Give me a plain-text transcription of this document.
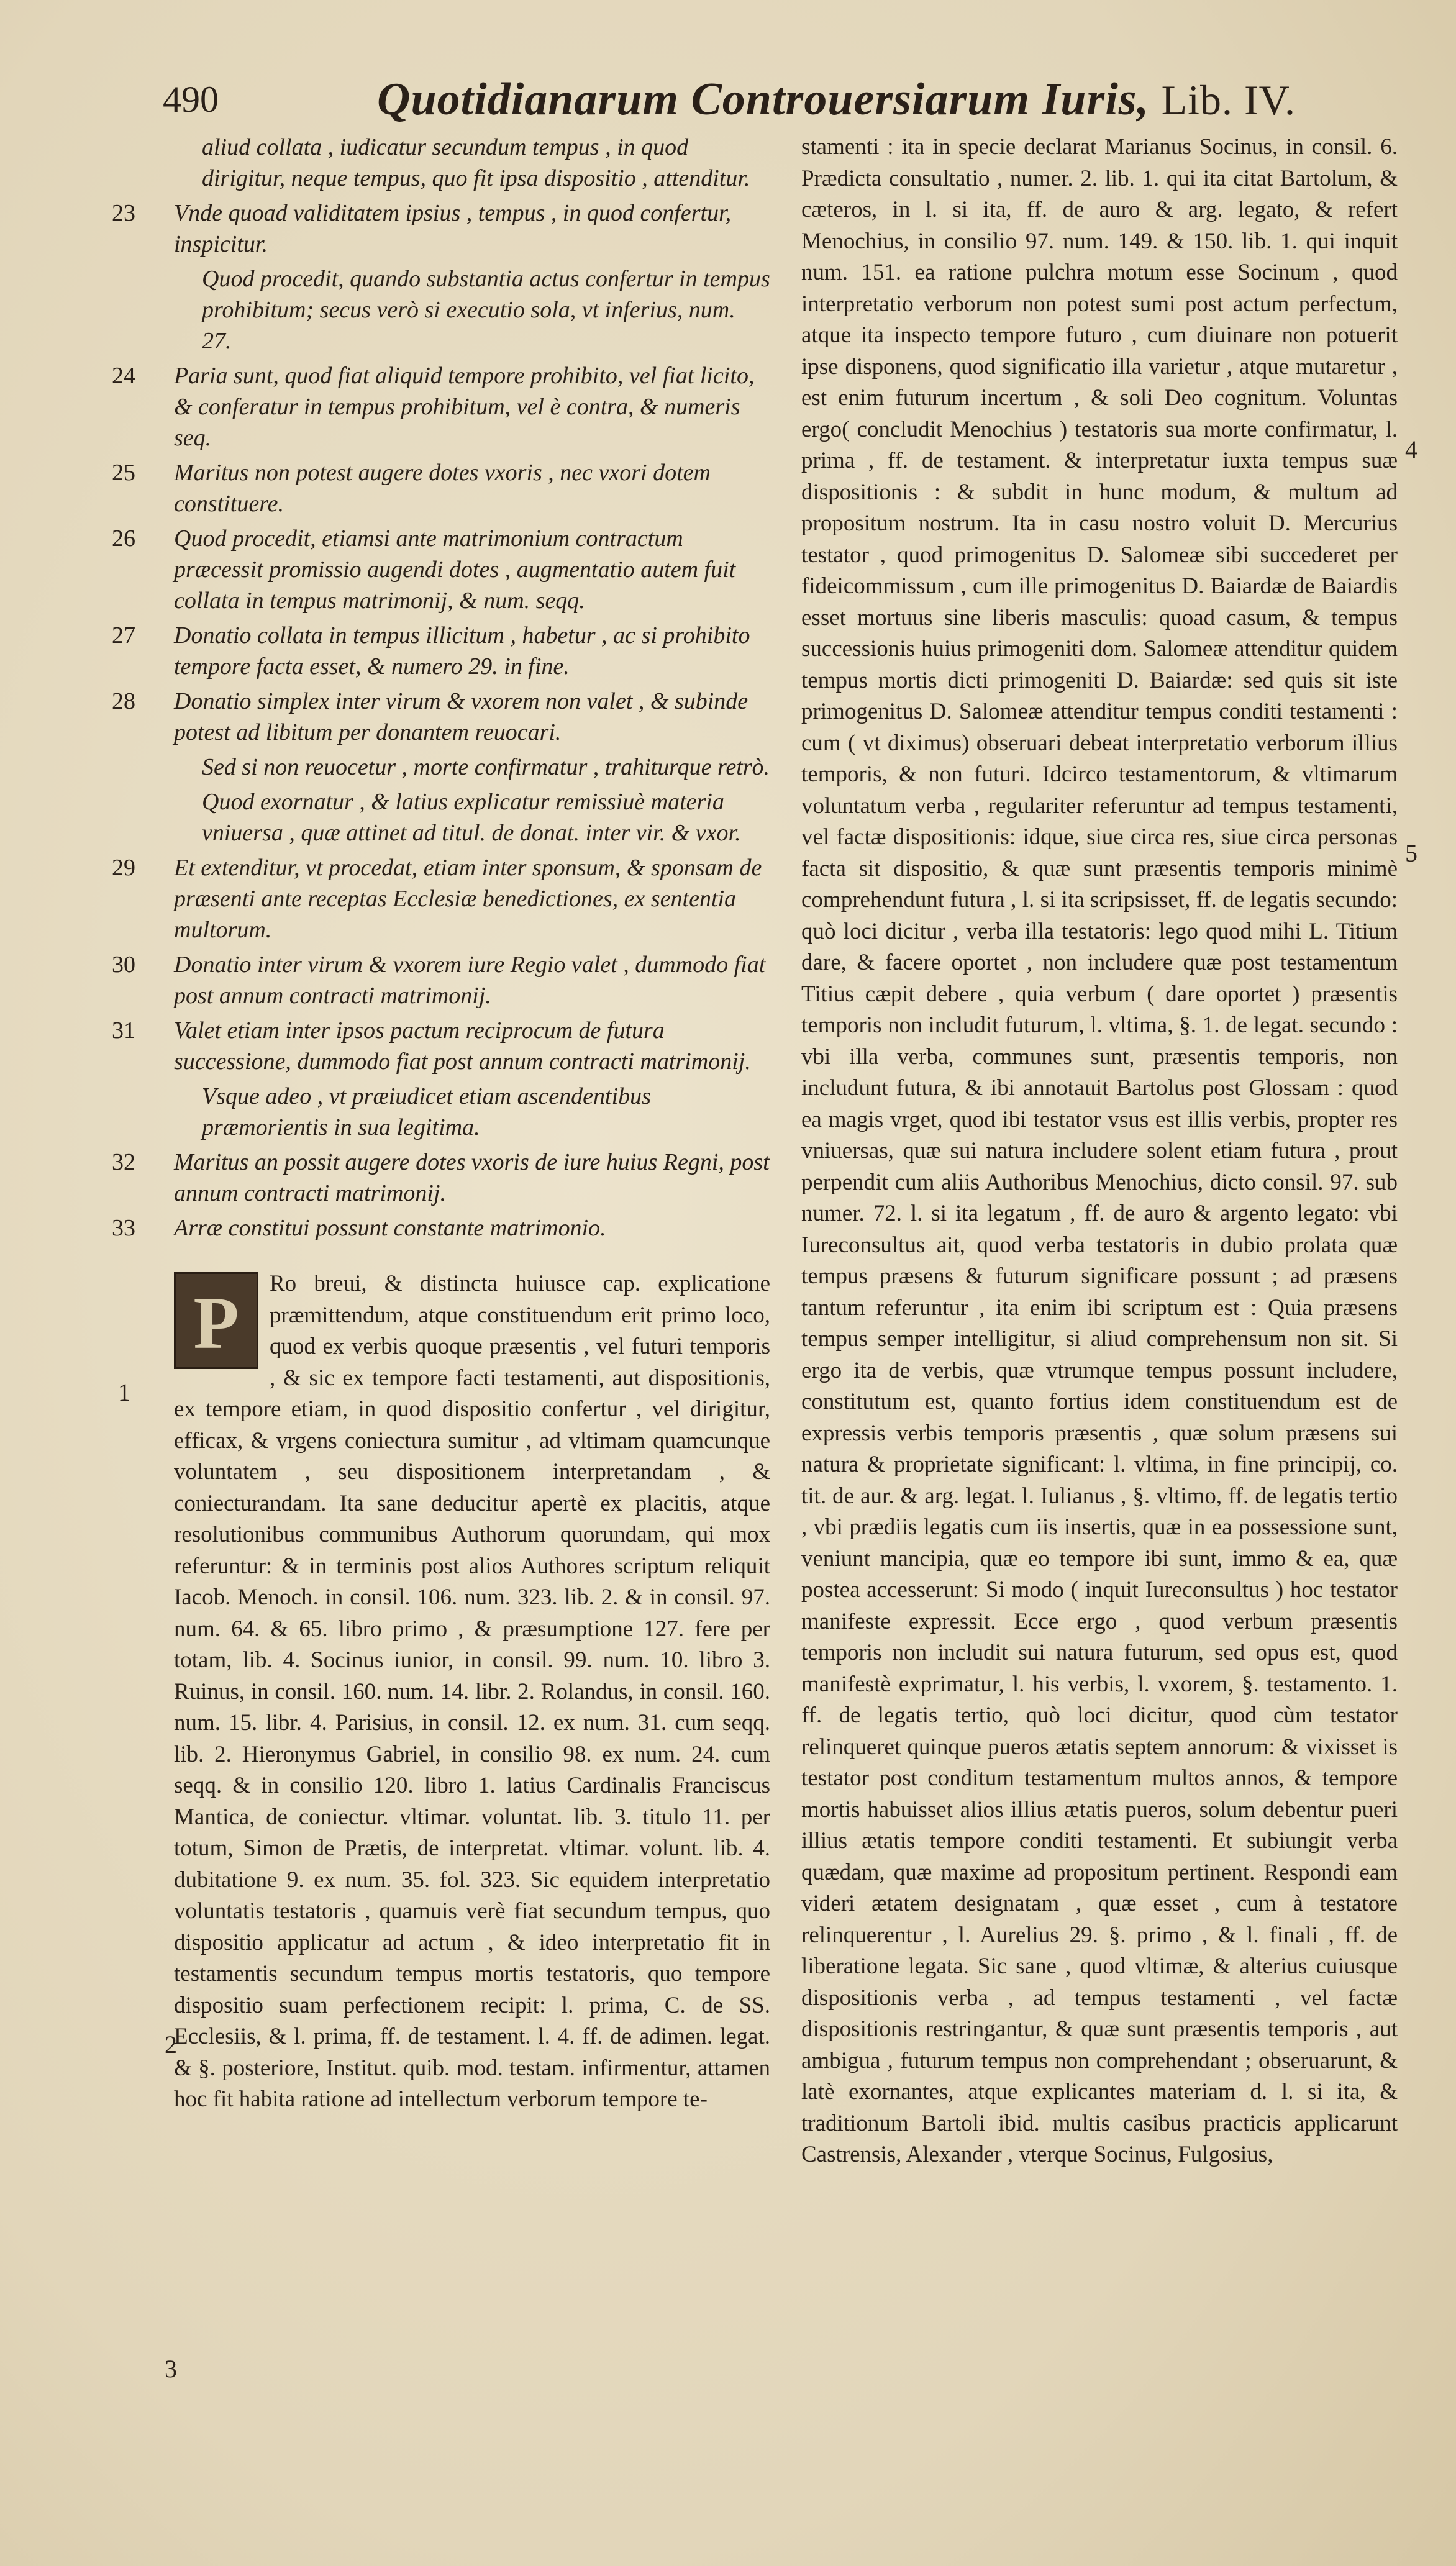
490	Quotidianarum Controuersiarum Iuris, Lib. IV.
aliud collata , iudicatur secundum tempus , in quod dirigitur, neque tempus, quo fit ipsa dispositio , attenditur.
23	Vnde quoad validitatem ipsius , tempus , in quod confertur, inspicitur.
Quod procedit, quando substantia actus confertur in tempus prohibitum; secus verò si executio sola, vt inferius, num. 27.
24	Paria sunt, quod fiat aliquid tempore prohibito, vel fiat licito, & conferatur in tempus prohibitum, vel è contra, & numeris seq.
25	Maritus non potest augere dotes vxoris , nec vxori dotem constituere.
26	Quod procedit, etiamsi ante matrimonium contractum præcessit promissio augendi dotes , augmentatio autem fuit collata in tempus matrimonij, & num. seqq.
27	Donatio collata in tempus illicitum , habetur , ac si prohibito tempore facta esset, & numero 29. in fine.
28	Donatio simplex inter virum & vxorem non valet , & subinde potest ad libitum per donantem reuocari.
Sed si non reuocetur , morte confirmatur , trahiturque retrò.
Quod exornatur , & latius explicatur remissiuè materia vniuersa , quæ attinet ad titul. de donat. inter vir. & vxor.
29	Et extenditur, vt procedat, etiam inter sponsum, & sponsam de præsenti ante receptas Ecclesiæ benedictiones, ex sententia multorum.
30	Donatio inter virum & vxorem iure Regio valet , dummodo fiat post annum contracti matrimonij.
31	Valet etiam inter ipsos pactum reciprocum de futura successione, dummodo fiat post annum contracti matrimonij.
Vsque adeo , vt præiudicet etiam ascendentibus præmorientis in sua legitima.
32	Maritus an possit augere dotes vxoris de iure huius Regni, post annum contracti matrimonij.
33	Arræ constitui possunt constante matrimonio.
P	Ro breui, & distincta huiusce cap. explicatione præmittendum, atque constituendum erit primo loco, quod ex verbis quoque præsentis , vel futuri temporis , & sic ex tempore facti testamenti, aut dispositionis, ex tempore etiam, in quod dispositio confertur , vel dirigitur, efficax, & vrgens coniectura sumitur , ad vltimam quamcunque voluntatem , seu dispositionem interpretandam , & coniecturandam. Ita sane deducitur apertè ex placitis, atque resolutionibus communibus Authorum quorundam, qui mox referuntur: & in terminis post alios Authores scriptum reliquit Iacob. Menoch. in consil. 106. num. 323. lib. 2. & in consil. 97. num. 64. & 65. libro primo , & præsumptione 127. fere per totam, lib. 4. Socinus iunior, in consil. 99. num. 10. libro 3. Ruinus, in consil. 160. num. 14. libr. 2. Rolandus, in consil. 160. num. 15. libr. 4. Parisius, in consil. 12. ex num. 31. cum seqq. lib. 2. Hieronymus Gabriel, in consilio 98. ex num. 24. cum seqq. & in consilio 120. libro 1. latius Cardinalis Franciscus Mantica, de coniectur. vltimar. voluntat. lib. 3. titulo 11. per totum, Simon de Prætis, de interpretat. vltimar. volunt. lib. 4. dubitatione 9. ex num. 35. fol. 323. Sic equidem interpretatio voluntatis testatoris , quamuis verè fiat secundum tempus, quo dispositio applicatur ad actum , & ideo interpretatio fit in testamentis secundum tempus mortis testatoris, quo tempore dispositio suam perfectionem recipit: l. prima, C. de SS. Ecclesiis, & l. prima, ff. de testament. l. 4. ff. de adimen. legat. & §. posteriore, Institut. quib. mod. testam. infirmentur, attamen hoc fit habita ratione ad intellectum verborum tempore te-
stamenti : ita in specie declarat Marianus Socinus, in consil. 6. Prædicta consultatio , numer. 2. lib. 1. qui ita citat Bartolum, & cæteros, in l. si ita, ff. de auro & arg. legato, & refert Menochius, in consilio 97. num. 149. & 150. lib. 1. qui inquit num. 151. ea ratione pulchra motum esse Socinum , quod interpretatio verborum non potest sumi post actum perfectum, atque ita inspecto tempore futuro , cum diuinare non potuerit ipse disponens, quod significatio illa varietur , atque mutaretur , est enim futurum incertum , & soli Deo cognitum. Voluntas ergo( concludit Menochius ) testatoris sua morte confirmatur, l. prima , ff. de testament. & interpretatur iuxta tempus suæ dispositionis : & subdit in hunc modum, & multum ad propositum nostrum. Ita in casu nostro voluit D. Mercurius testator , quod primogenitus D. Salomeæ sibi succederet per fideicommissum , cum ille primogenitus D. Baiardæ de Baiardis esset mortuus sine liberis masculis: quoad casum, & tempus successionis huius primogeniti dom. Salomeæ attenditur quidem tempus mortis dicti primogeniti D. Baiardæ: sed quis sit iste primogenitus D. Salomeæ attenditur tempus conditi testamenti : cum ( vt diximus) obseruari debeat interpretatio verborum illius temporis, & non futuri. Idcirco testamentorum, & vltimarum voluntatum verba , regulariter referuntur ad tempus testamenti, vel factæ dispositionis: idque, siue circa res, siue circa personas facta sit dispositio, & quæ sunt præsentis temporis minimè comprehendunt futura , l. si ita scripsisset, ff. de legatis secundo: quò loci dicitur , verba illa testatoris: lego quod mihi L. Titium dare, & facere oportet , non includere quæ post testamentum Titius cæpit debere , quia verbum ( dare oportet ) præsentis temporis non includit futurum, l. vltima, §. 1. de legat. secundo : vbi illa verba, communes sunt, præsentis temporis, non includunt futura, & ibi annotauit Bartolus post Glossam : quod ea magis vrget, quod ibi testator vsus est illis verbis, propter res vniuersas, quæ sui natura includere solent etiam futura , prout perpendit cum aliis Authoribus Menochius, dicto consil. 97. sub numer. 72. l. si ita legatum , ff. de auro & argento legato: vbi Iureconsultus ait, quod verba testatoris in dubio prolata quæ tempus præsens & futurum significare possunt ; ad præsens tantum referuntur , ita enim ibi scriptum est : Quia præsens tempus semper intelligitur, si aliud comprehensum non sit. Si ergo ita de verbis, quæ vtrumque tempus possunt includere, constitutum est, quanto fortius idem constituendum est de expressis verbis temporis præsentis , quæ solum præsens sui natura & proprietate significant: l. vltima, in fine principij, co. tit. de aur. & arg. legat. l. Iulianus , §. vltimo, ff. de legatis tertio , vbi prædiis legatis cum iis insertis, quæ in ea possessione sunt, veniunt mancipia, quæ eo tempore ibi sunt, immo & ea, quæ postea accesserunt: Si modo ( inquit Iureconsultus ) hoc testator manifeste expressit. Ecce ergo , quod verbum præsentis temporis non includit sui natura futurum, sed opus est, quod manifestè exprimatur, l. his verbis, l. vxorem, §. testamento. 1. ff. de legatis tertio, quò loci dicitur, quod cùm testator relinqueret quinque pueros ætatis septem annorum: & vixisset is testator post conditum testamentum multos annos, & tempore mortis habuisset alios illius ætatis pueros, solum debentur pueri illius ætatis tempore conditi testamenti. Et subiungit verba quædam, quæ maxime ad propositum pertinent. Respondi eam videri ætatem designatam , quæ esset , cum à testatore relinquerentur , l. Aurelius 29. §. primo , & l. finali , ff. de liberatione legata. Sic sane , quod vltimæ, & alterius cuiusque dispositionis verba , ad tempus testamenti , vel factæ dispositionis restringantur, & quæ sunt præsentis temporis , aut ambigua , futurum tempus non comprehendant ; obseruarunt, & latè exornantes, atque explicantes materiam d. l. si ita, & traditionum Bartoli ibid. multis casibus practicis applicarunt Castrensis, Alexander , vterque Socinus, Fulgosius,
1
2
3
4
5
